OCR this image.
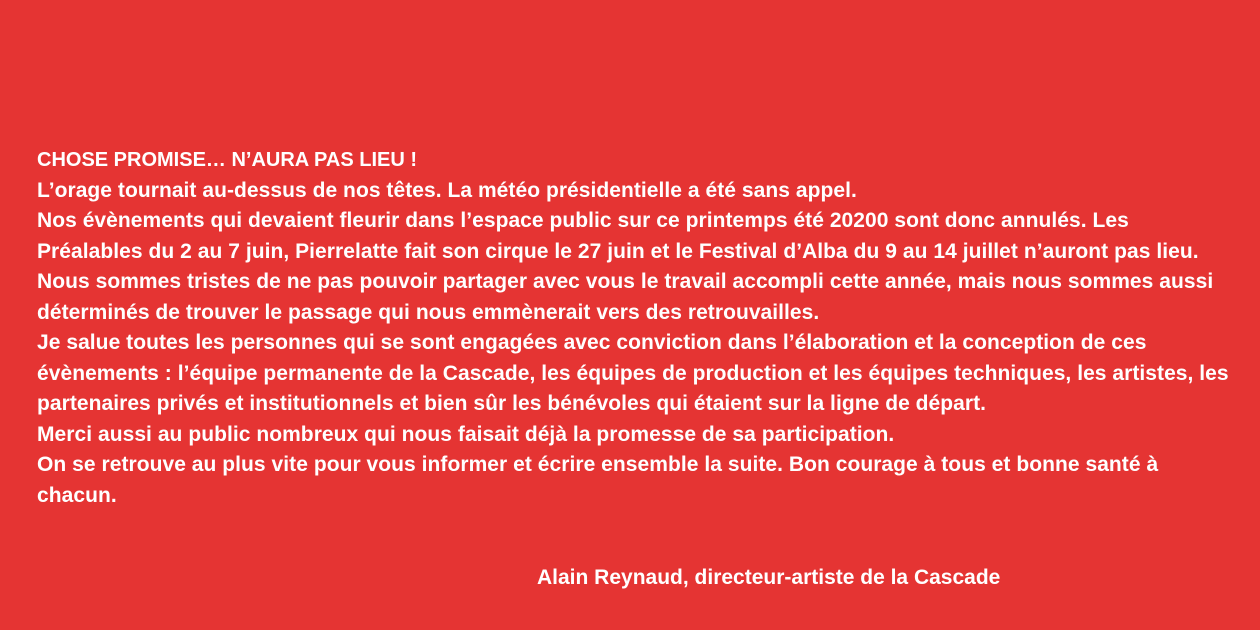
CHOSE PROMISE… N’AURA PAS LIEU !
L’orage tournait au-dessus de nos têtes. La météo présidentielle a été sans appel.
Nos évènements qui devaient fleurir dans l’espace public sur ce printemps été 20200 sont donc annulés. Les Préalables du 2 au 7 juin, Pierrelatte fait son cirque le 27 juin et le Festival d’Alba du 9 au 14 juillet n’auront pas lieu.
Nous sommes tristes de ne pas pouvoir partager avec vous le travail accompli cette année, mais nous sommes aussi déterminés de trouver le passage qui nous emmènerait vers des retrouvailles.
Je salue toutes les personnes qui se sont engagées avec conviction dans l’élaboration et la conception de ces évènements : l’équipe permanente de la Cascade, les équipes de production et les équipes techniques, les artistes, les partenaires privés et institutionnels et bien sûr les bénévoles qui étaient sur la ligne de départ.
Merci aussi au public nombreux qui nous faisait déjà la promesse de sa participation.
On se retrouve au plus vite pour vous informer et écrire ensemble la suite. Bon courage à tous et bonne santé à chacun.
Alain Reynaud, directeur-artiste de la Cascade
